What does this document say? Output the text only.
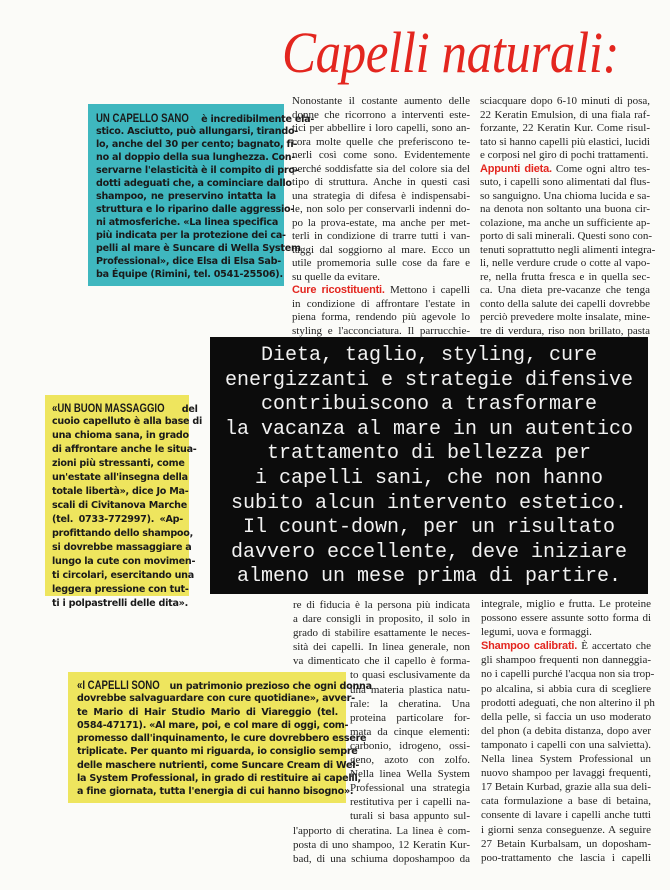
Capelli naturali:
UN CAPELLO SANO è incredibilmente ela-
stico. Asciutto, può allungarsi, tirando-
lo, anche del 30 per cento; bagnato, fi-
no al doppio della sua lunghezza. Con-
servarne l'elasticità è il compito di pro-
dotti adeguati che, a cominciare dallo
shampoo, ne preservino intatta la
struttura e lo riparino dalle aggressio-
ni atmosferiche. «La linea specifica
più indicata per la protezione dei ca-
pelli al mare è Suncare di Wella System
Professional», dice Elsa di Elsa Sab-
ba Équipe (Rimini, tel. 0541-25506).
«UN BUON MASSAGGIO del
cuoio capelluto è alla base di
una chioma sana, in grado
di affrontare anche le situa-
zioni più stressanti, come
un'estate all'insegna della
totale libertà», dice Jo Ma-
scali di Civitanova Marche
(tel. 0733-772997). «Ap-
profittando dello shampoo,
si dovrebbe massaggiare a
lungo la cute con movimen-
ti circolari, esercitando una
leggera pressione con tut-
ti i polpastrelli delle dita».
«I CAPELLI SONO un patrimonio prezioso che ogni donna
dovrebbe salvaguardare con cure quotidiane», avver-
te Mario di Hair Studio Mario di Viareggio (tel.
0584-47171). «Al mare, poi, e col mare di oggi, com-
promesso dall'inquinamento, le cure dovrebbero essere
triplicate. Per quanto mi riguarda, io consiglio sempre
delle maschere nutrienti, come Suncare Cream di Wel-
la System Professional, in grado di restituire ai capelli,
a fine giornata, tutta l'energia di cui hanno bisogno».
Dieta, taglio, styling, cure
energizzanti e strategie difensive
contribuiscono a trasformare
la vacanza al mare in un autentico
trattamento di bellezza per
i capelli sani, che non hanno
subito alcun intervento estetico.
Il count-down, per un risultato
davvero eccellente, deve iniziare
almeno un mese prima di partire.
Nonostante il costante aumento delle
donne che ricorrono a interventi este-
tici per abbellire i loro capelli, sono an-
cora molte quelle che preferiscono te-
nerli così come sono. Evidentemente
perché soddisfatte sia del colore sia del
tipo di struttura. Anche in questi casi
una strategia di difesa è indispensabi-
le, non solo per conservarli indenni do-
po la prova-estate, ma anche per met-
terli in condizione di trarre tutti i van-
taggi dal soggiorno al mare. Ecco un
utile promemoria sulle cose da fare e
su quelle da evitare.
Cure ricostituenti. Mettono i capelli
in condizione di affrontare l'estate in
piena forma, rendendo più agevole lo
styling e l'acconciatura. Il parrucchie-
sciacquare dopo 6-10 minuti di posa,
22 Keratin Emulsion, di una fiala raf-
forzante, 22 Keratin Kur. Come risul-
tato si hanno capelli più elastici, lucidi
e corposi nel giro di pochi trattamenti.
Appunti dieta. Come ogni altro tes-
suto, i capelli sono alimentati dal flus-
so sanguigno. Una chioma lucida e sa-
na denota non soltanto una buona cir-
colazione, ma anche un sufficiente ap-
porto di sali minerali. Questi sono con-
tenuti soprattutto negli alimenti integra-
li, nelle verdure crude o cotte al vapo-
re, nella frutta fresca e in quella sec-
ca. Una dieta pre-vacanze che tenga
conto della salute dei capelli dovrebbe
perciò prevedere molte insalate, mine-
tre di verdura, riso non brillato, pasta
re di fiducia è la persona più indicata
a dare consigli in proposito, il solo in
grado di stabilire esattamente le neces-
sità dei capelli. In linea generale, non
va dimenticato che il capello è forma-
to quasi esclusivamente da
una materia plastica natu-
rale: la cheratina. Una
proteina particolare for-
mata da cinque elementi:
carbonio, idrogeno, ossi-
geno, azoto con zolfo.
Nella linea Wella System
Professional una strategia
restitutiva per i capelli na-
turali si basa appunto sul-
l'apporto di cheratina. La linea è com-
posta di uno shampoo, 12 Keratin Kur-
bad, di una schiuma doposhampoo da
integrale, miglio e frutta. Le proteine
possono essere assunte sotto forma di
legumi, uova e formaggi.
Shampoo calibrati. È accertato che
gli shampoo frequenti non danneggia-
no i capelli purché l'acqua non sia trop-
po alcalina, si abbia cura di scegliere
prodotti adeguati, che non alterino il ph
della pelle, si faccia un uso moderato
del phon (a debita distanza, dopo aver
tamponato i capelli con una salvietta).
Nella linea System Professional un
nuovo shampoo per lavaggi frequenti,
17 Betain Kurbad, grazie alla sua deli-
cata formulazione a base di betaina,
consente di lavare i capelli anche tutti
i giorni senza conseguenze. A seguire
27 Betain Kurbalsam, un doposham-
poo-trattamento che lascia i capelli
